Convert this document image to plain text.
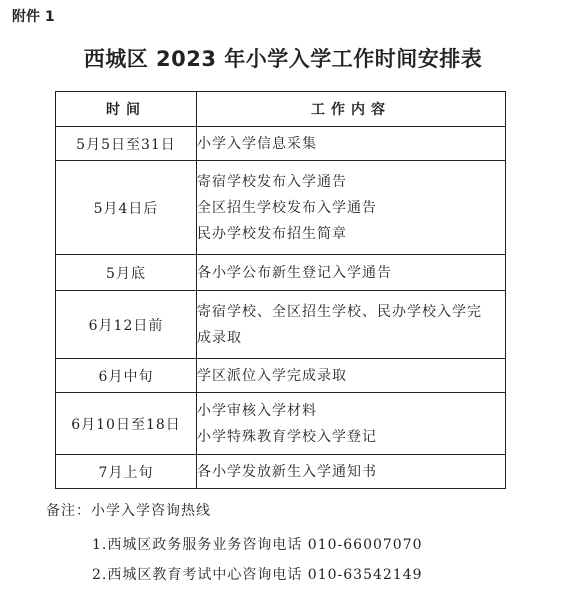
附件 1
西城区 2023 年小学入学工作时间安排表
时间	工作内容
5月5日至31日	小学入学信息采集

5月4日后	寄宿学校发布入学通告
全区招生学校发布入学通告
民办学校发布招生简章

5月底	各小学公布新生登记入学通告

6月12日前	寄宿学校、全区招生学校、民办学校入学完
成录取

6月中旬	学区派位入学完成录取

6月10日至18日	小学审核入学材料
小学特殊教育学校入学登记

7月上旬	各小学发放新生入学通知书
备注：小学入学咨询热线
1.西城区政务服务业务咨询电话 010-66007070
2.西城区教育考试中心咨询电话 010-63542149
